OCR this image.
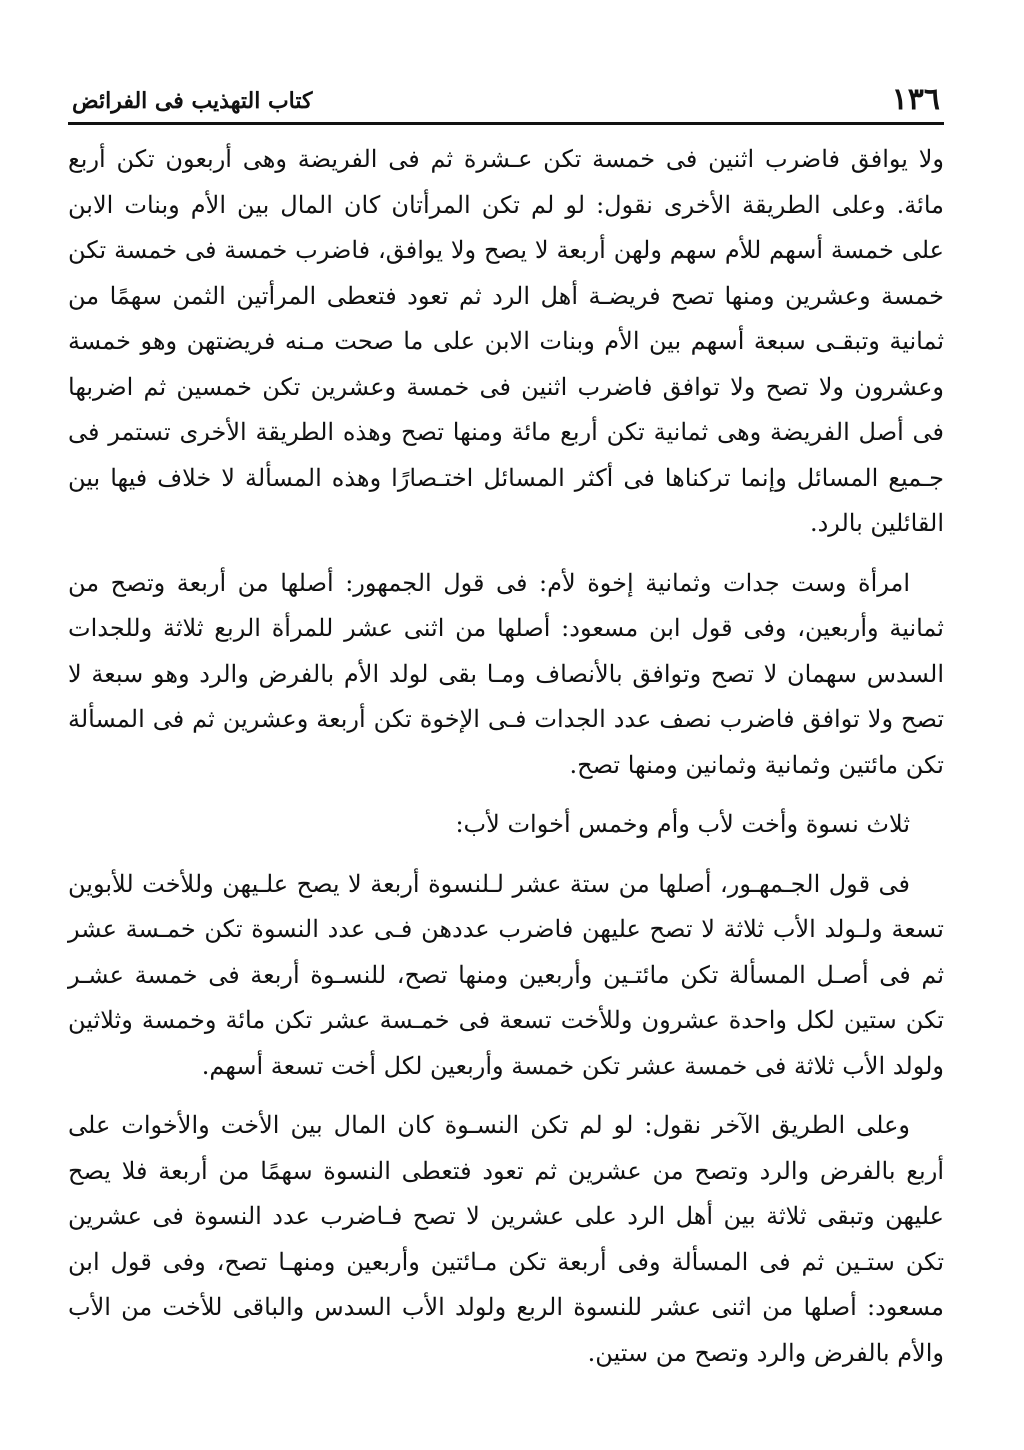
١٣٦
كتاب التهذيب فى الفرائض

ولا يوافق فاضرب اثنين فى خمسة تكن عـشرة ثم فى الفريضة وهى أربعون تكن أربع مائة. وعلى الطريقة الأخرى نقول: لو لم تكن المرأتان كان المال بين الأم وبنات الابن على خمسة أسهم للأم سهم ولهن أربعة لا يصح ولا يوافق، فاضرب خمسة فى خمسة تكن خمسة وعشرين ومنها تصح فريضـة أهل الرد ثم تعود فتعطى المرأتين الثمن سهمًا من ثمانية وتبقـى سبعة أسهم بين الأم وبنات الابن على ما صحت مـنه فريضتهن وهو خمسة وعشرون ولا تصح ولا توافق فاضرب اثنين فى خمسة وعشرين تكن خمسين ثم اضربها فى أصل الفريضة وهى ثمانية تكن أربع مائة ومنها تصح وهذه الطريقة الأخرى تستمر فى جـميع المسائل وإنما تركناها فى أكثر المسائل اختـصارًا وهذه المسألة لا خلاف فيها بين القائلين بالرد.

امرأة وست جدات وثمانية إخوة لأم: فى قول الجمهور: أصلها من أربعة وتصح من ثمانية وأربعين، وفى قول ابن مسعود: أصلها من اثنى عشر للمرأة الربع ثلاثة وللجدات السدس سهمان لا تصح وتوافق بالأنصاف ومـا بقى لولد الأم بالفرض والرد وهو سبعة لا تصح ولا توافق فاضرب نصف عدد الجدات فـى الإخوة تكن أربعة وعشرين ثم فى المسألة تكن مائتين وثمانية وثمانين ومنها تصح.

ثلاث نسوة وأخت لأب وأم وخمس أخوات لأب:

فى قول الجـمهـور، أصلها من ستة عشر لـلنسوة أربعة لا يصح علـيهن وللأخت للأبوين تسعة ولـولد الأب ثلاثة لا تصح عليهن فاضرب عددهن فـى عدد النسوة تكن خمـسة عشر ثم فى أصـل المسألة تكن مائتـين وأربعين ومنها تصح، للنسـوة أربعة فى خمسة عشـر تكن ستين لكل واحدة عشرون وللأخت تسعة فى خمـسة عشر تكن مائة وخمسة وثلاثين ولولد الأب ثلاثة فى خمسة عشر تكن خمسة وأربعين لكل أخت تسعة أسهم.

وعلى الطريق الآخر نقول: لو لم تكن النسـوة كان المال بين الأخت والأخوات على أربع بالفرض والرد وتصح من عشرين ثم تعود فتعطى النسوة سهمًا من أربعة فلا يصح عليهن وتبقى ثلاثة بين أهل الرد على عشرين لا تصح فـاضرب عدد النسوة فى عشرين تكن ستـين ثم فى المسألة وفى أربعة تكن مـائتين وأربعين ومنهـا تصح، وفى قول ابن مسعود: أصلها من اثنى عشر للنسوة الربع ولولد الأب السدس والباقى للأخت من الأب والأم بالفرض والرد وتصح من ستين.
